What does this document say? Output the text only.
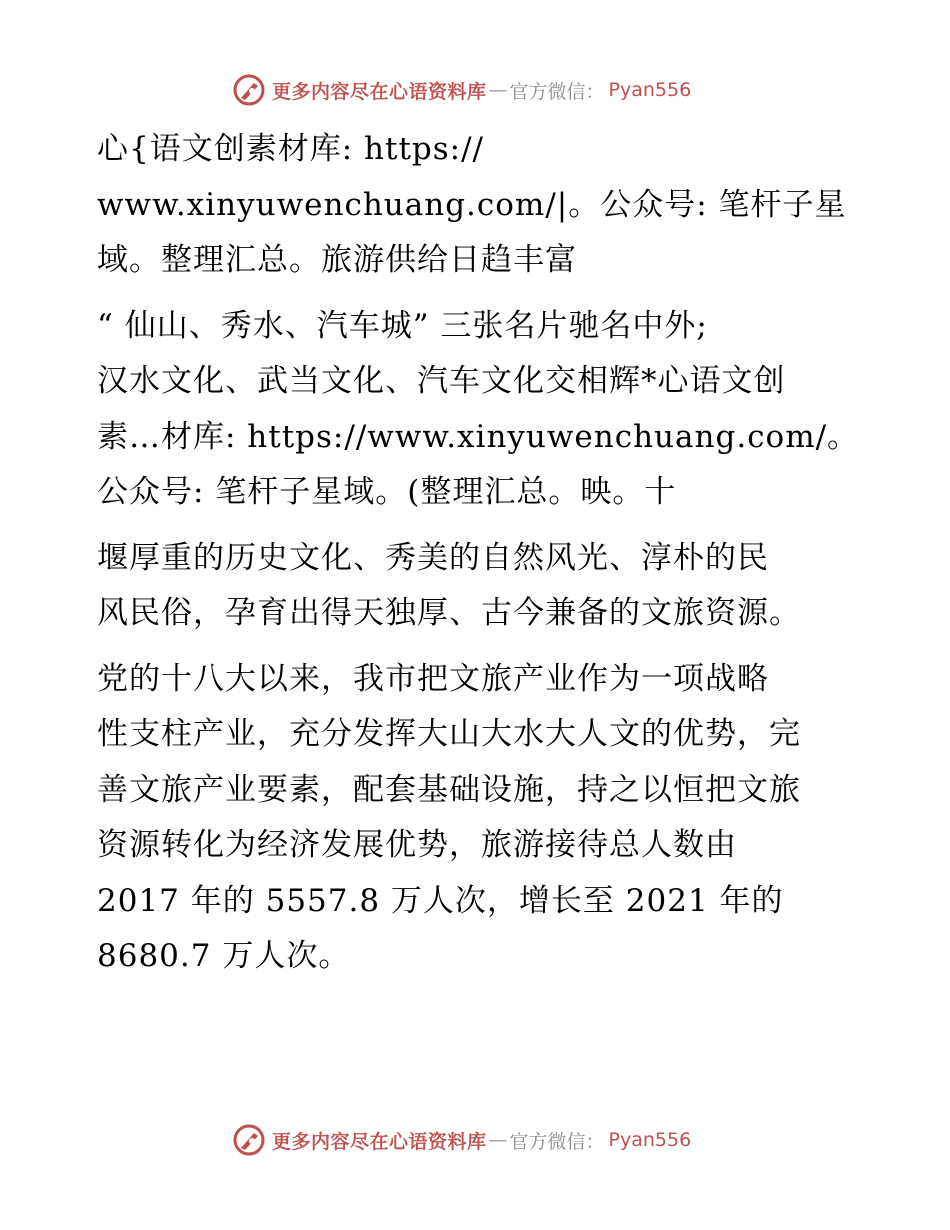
更多内容尽在心语资料库 — 官方微信： Pyan556

心{语文创素材库: https://
www.xinyuwenchuang.com/|。公众号: 笔杆子星
域。整理汇总。旅游供给日趋丰富

“ 仙山、秀水、汽车城” 三张名片驰名中外;
汉水文化、武当文化、汽车文化交相辉*心语文创
素…材库: https://www.xinyuwenchuang.com/。
公众号: 笔杆子星域。(整理汇总。映。十

堰厚重的历史文化、秀美的自然风光、淳朴的民
风民俗，孕育出得天独厚、古今兼备的文旅资源。

党的十八大以来，我市把文旅产业作为一项战略
性支柱产业，充分发挥大山大水大人文的优势，完
善文旅产业要素，配套基础设施，持之以恒把文旅
资源转化为经济发展优势，旅游接待总人数由
2017 年的 5557.8 万人次，增长至 2021 年的
8680.7 万人次。

更多内容尽在心语资料库 — 官方微信： Pyan556
